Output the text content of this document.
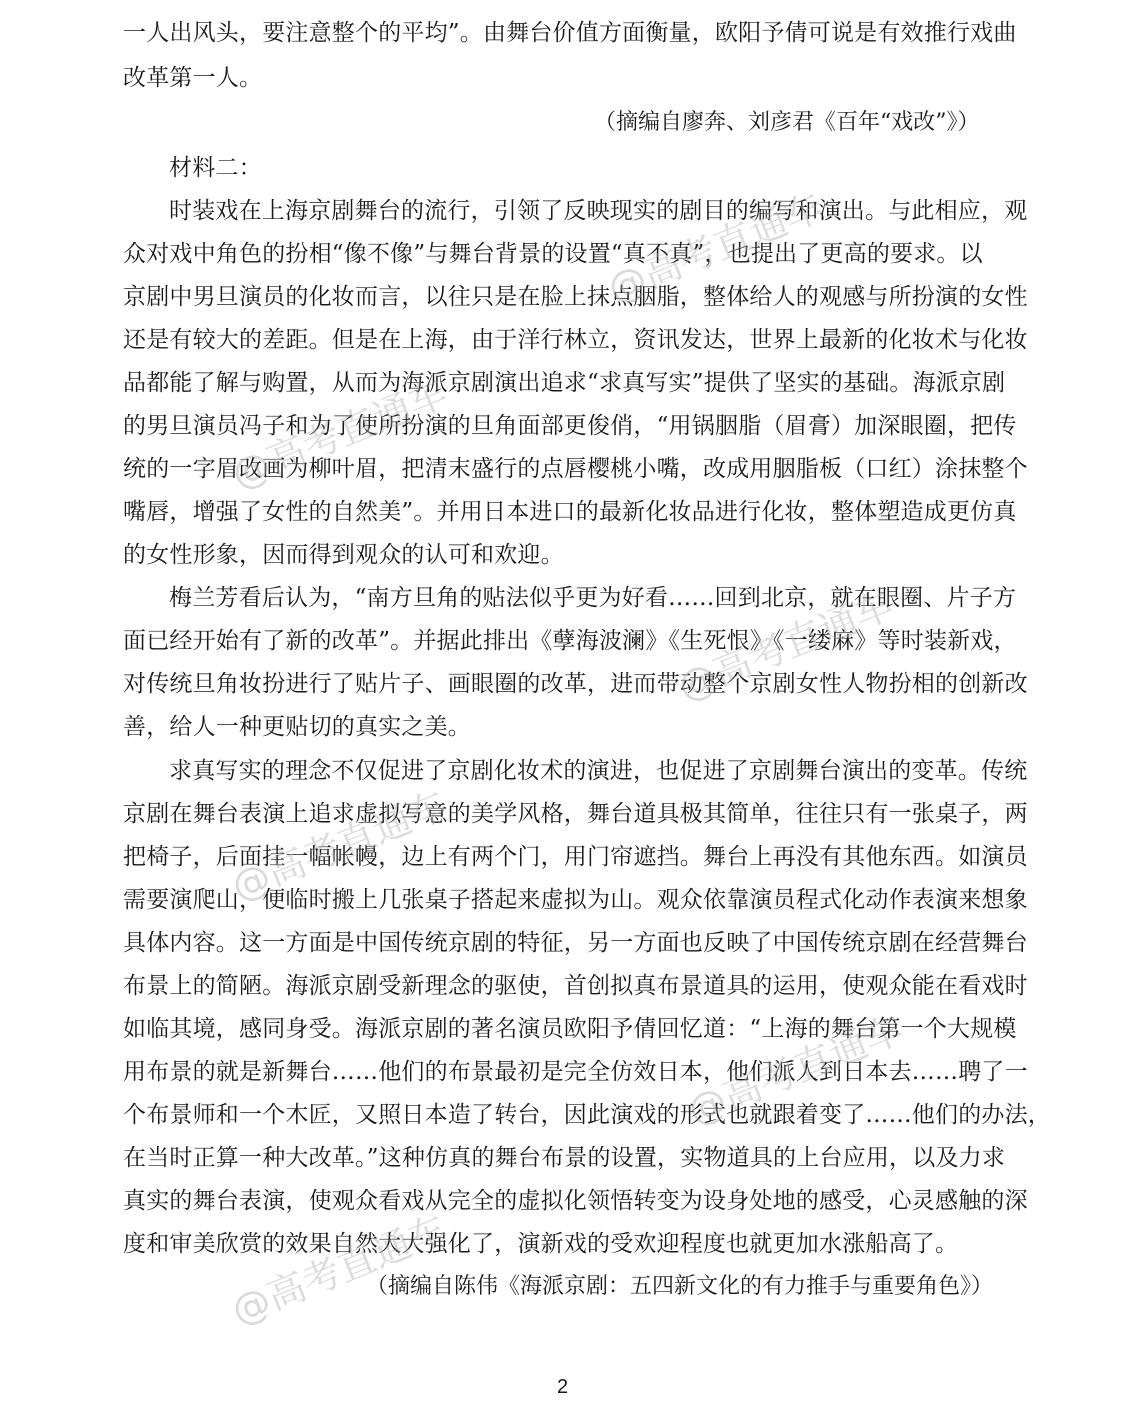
一人出风头，要注意整个的平均”。由舞台价值方面衡量，欧阳予倩可说是有效推行戏曲
改革第一人。
（摘编自廖奔、刘彦君《百年“戏改”》）
材料二：
时装戏在上海京剧舞台的流行，引领了反映现实的剧目的编写和演出。与此相应，观
众对戏中角色的扮相“像不像”与舞台背景的设置“真不真”，也提出了更高的要求。以
京剧中男旦演员的化妆而言，以往只是在脸上抹点胭脂，整体给人的观感与所扮演的女性
还是有较大的差距。但是在上海，由于洋行林立，资讯发达，世界上最新的化妆术与化妆
品都能了解与购置，从而为海派京剧演出追求“求真写实”提供了坚实的基础。海派京剧
的男旦演员冯子和为了使所扮演的旦角面部更俊俏，“用锅胭脂（眉膏）加深眼圈，把传
统的一字眉改画为柳叶眉，把清末盛行的点唇樱桃小嘴，改成用胭脂板（口红）涂抹整个
嘴唇，增强了女性的自然美”。并用日本进口的最新化妆品进行化妆，整体塑造成更仿真
的女性形象，因而得到观众的认可和欢迎。
梅兰芳看后认为，“南方旦角的贴法似乎更为好看……回到北京，就在眼圈、片子方
面已经开始有了新的改革”。并据此排出《孽海波澜》《生死恨》《一缕麻》等时装新戏，
对传统旦角妆扮进行了贴片子、画眼圈的改革，进而带动整个京剧女性人物扮相的创新改
善，给人一种更贴切的真实之美。
求真写实的理念不仅促进了京剧化妆术的演进，也促进了京剧舞台演出的变革。传统
京剧在舞台表演上追求虚拟写意的美学风格，舞台道具极其简单，往往只有一张桌子，两
把椅子，后面挂一幅帐幔，边上有两个门，用门帘遮挡。舞台上再没有其他东西。如演员
需要演爬山，便临时搬上几张桌子搭起来虚拟为山。观众依靠演员程式化动作表演来想象
具体内容。这一方面是中国传统京剧的特征，另一方面也反映了中国传统京剧在经营舞台
布景上的简陋。海派京剧受新理念的驱使，首创拟真布景道具的运用，使观众能在看戏时
如临其境，感同身受。海派京剧的著名演员欧阳予倩回忆道：“上海的舞台第一个大规模
用布景的就是新舞台……他们的布景最初是完全仿效日本，他们派人到日本去……聘了一
个布景师和一个木匠，又照日本造了转台，因此演戏的形式也就跟着变了……他们的办法，
在当时正算一种大改革。”这种仿真的舞台布景的设置，实物道具的上台应用，以及力求
真实的舞台表演，使观众看戏从完全的虚拟化领悟转变为设身处地的感受，心灵感触的深
度和审美欣赏的效果自然大大强化了，演新戏的受欢迎程度也就更加水涨船高了。
（摘编自陈伟《海派京剧：五四新文化的有力推手与重要角色》）
2
@高考直通车
@高考直通车
@高考直通车
@高考直通车
@高考直通车
@高考直通车
